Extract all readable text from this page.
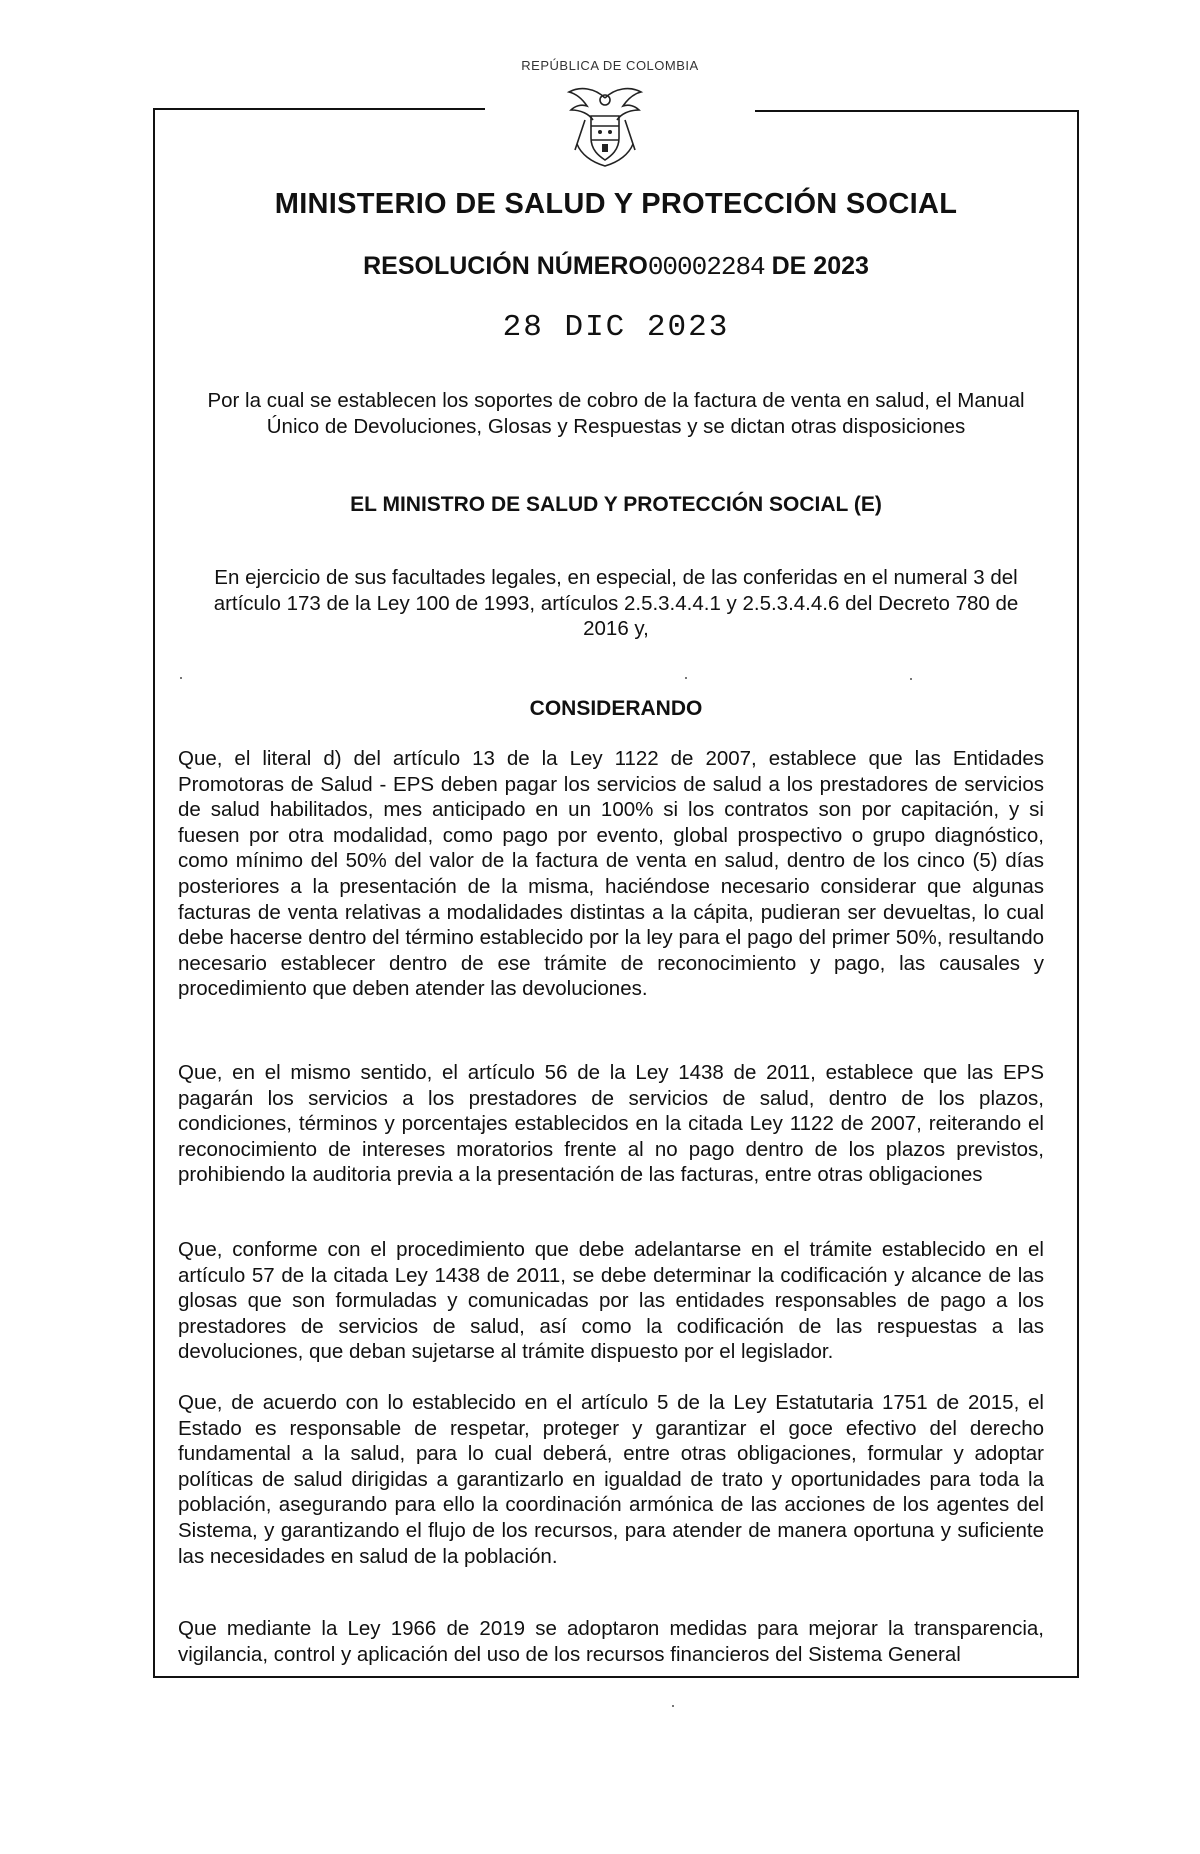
REPÚBLICA DE COLOMBIA
MINISTERIO DE SALUD Y PROTECCIÓN SOCIAL
RESOLUCIÓN NÚMERO00002284 DE 2023
28 DIC 2023
Por la cual se establecen los soportes de cobro de la factura de venta en salud, el Manual Único de Devoluciones, Glosas y Respuestas y se dictan otras disposiciones
EL MINISTRO DE SALUD Y PROTECCIÓN SOCIAL (E)
En ejercicio de sus facultades legales, en especial, de las conferidas en el numeral 3 del artículo 173 de la Ley 100 de 1993, artículos 2.5.3.4.4.1 y 2.5.3.4.4.6 del Decreto 780 de 2016 y,
CONSIDERANDO
Que, el literal d) del artículo 13 de la Ley 1122 de 2007, establece que las Entidades Promotoras de Salud - EPS deben pagar los servicios de salud a los prestadores de servicios de salud habilitados, mes anticipado en un 100% si los contratos son por capitación, y si fuesen por otra modalidad, como pago por evento, global prospectivo o grupo diagnóstico, como mínimo del 50% del valor de la factura de venta en salud, dentro de los cinco (5) días posteriores a la presentación de la misma, haciéndose necesario considerar que algunas facturas de venta relativas a modalidades distintas a la cápita, pudieran ser devueltas, lo cual debe hacerse dentro del término establecido por la ley para el pago del primer 50%, resultando necesario establecer dentro de ese trámite de reconocimiento y pago, las causales y procedimiento que deben atender las devoluciones.
Que, en el mismo sentido, el artículo 56 de la Ley 1438 de 2011, establece que las EPS pagarán los servicios a los prestadores de servicios de salud, dentro de los plazos, condiciones, términos y porcentajes establecidos en la citada Ley 1122 de 2007, reiterando el reconocimiento de intereses moratorios frente al no pago dentro de los plazos previstos, prohibiendo la auditoria previa a la presentación de las facturas, entre otras obligaciones
Que, conforme con el procedimiento que debe adelantarse en el trámite establecido en el artículo 57 de la citada Ley 1438 de 2011, se debe determinar la codificación y alcance de las glosas que son formuladas y comunicadas por las entidades responsables de pago a los prestadores de servicios de salud, así como la codificación de las respuestas a las devoluciones, que deban sujetarse al trámite dispuesto por el legislador.
Que, de acuerdo con lo establecido en el artículo 5 de la Ley Estatutaria 1751 de 2015, el Estado es responsable de respetar, proteger y garantizar el goce efectivo del derecho fundamental a la salud, para lo cual deberá, entre otras obligaciones, formular y adoptar políticas de salud dirigidas a garantizarlo en igualdad de trato y oportunidades para toda la población, asegurando para ello la coordinación armónica de las acciones de los agentes del Sistema, y garantizando el flujo de los recursos, para atender de manera oportuna y suficiente las necesidades en salud de la población.
Que mediante la Ley 1966 de 2019 se adoptaron medidas para mejorar la transparencia, vigilancia, control y aplicación del uso de los recursos financieros del Sistema General
